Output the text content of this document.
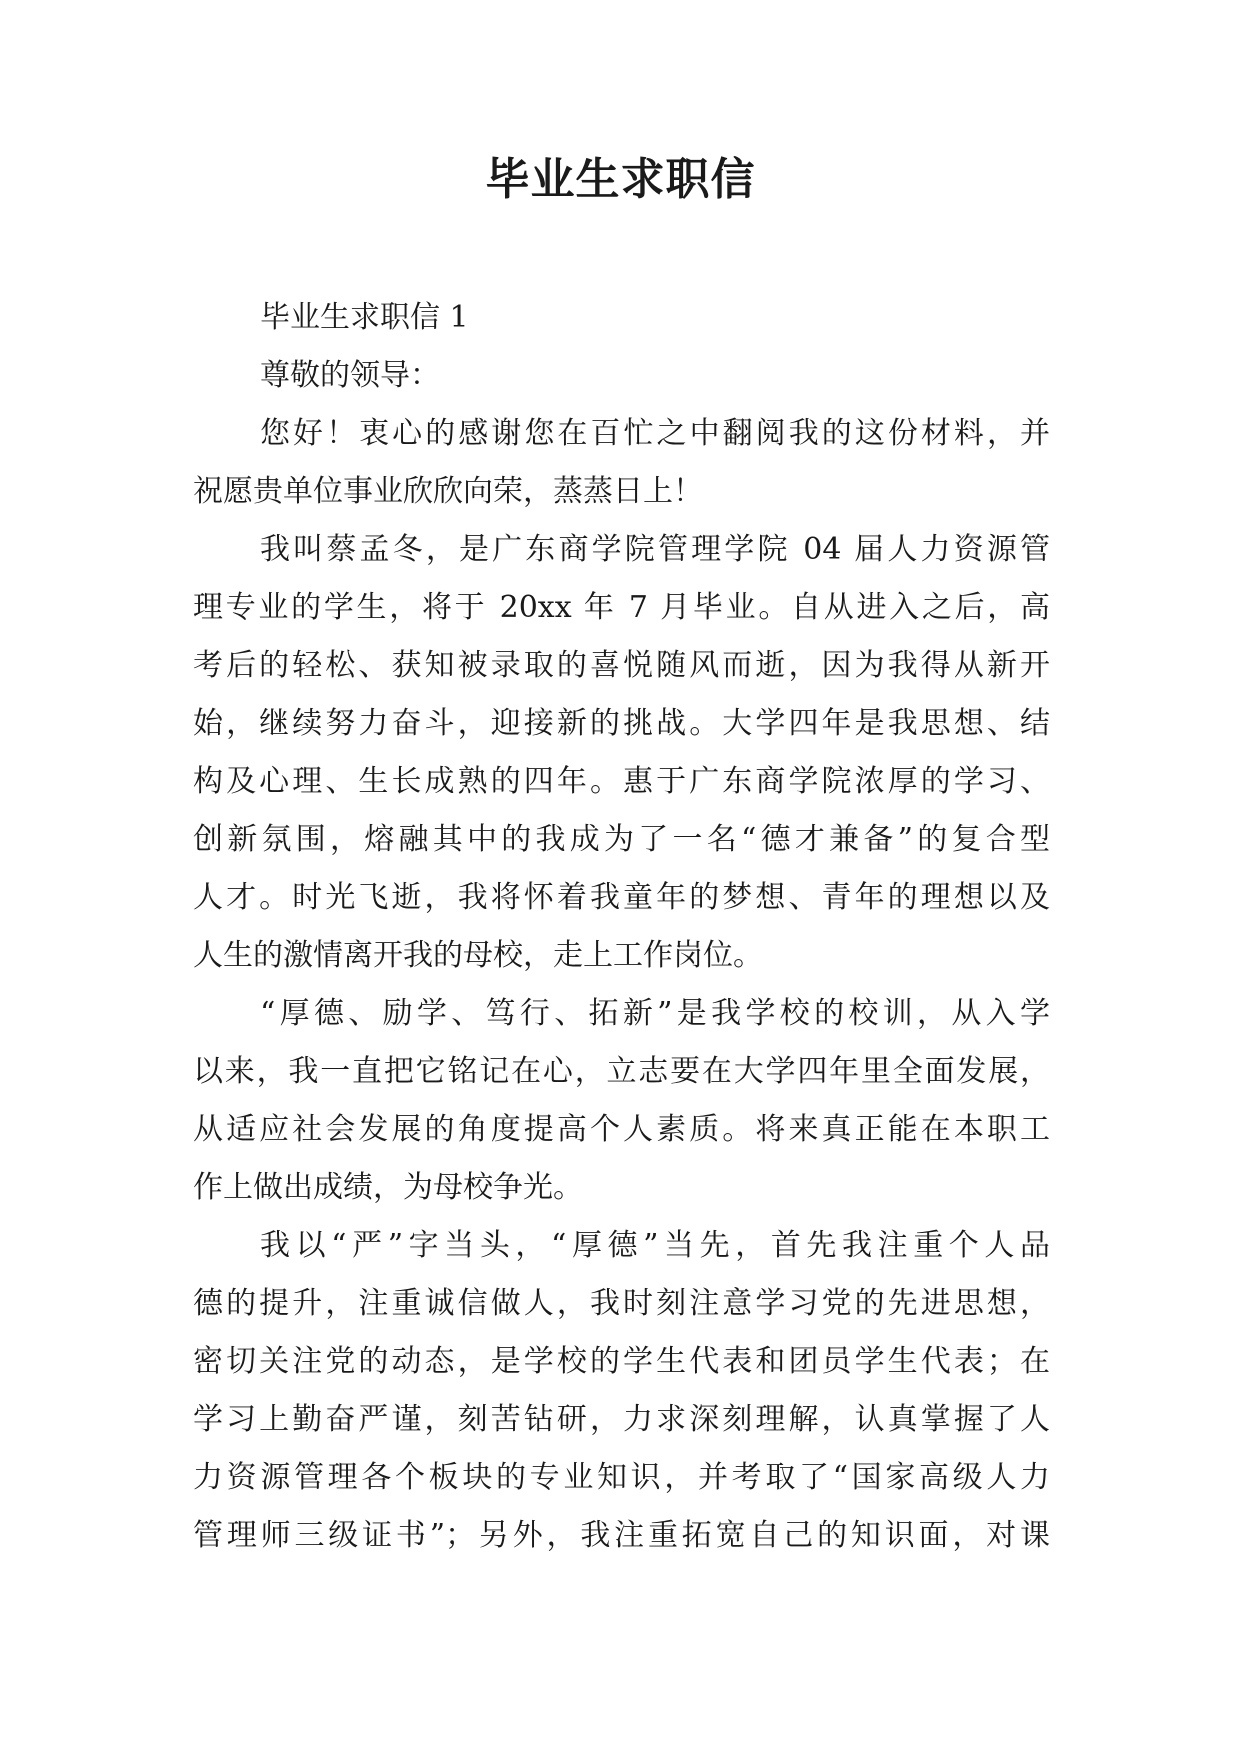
毕业生求职信
毕业生求职信 1
尊敬的领导：
您好！衷心的感谢您在百忙之中翻阅我的这份材料，并
祝愿贵单位事业欣欣向荣，蒸蒸日上！
我叫蔡孟冬，是广东商学院管理学院 04 届人力资源管
理专业的学生，将于 20xx 年 7 月毕业。自从进入之后，高
考后的轻松、获知被录取的喜悦随风而逝，因为我得从新开
始，继续努力奋斗，迎接新的挑战。大学四年是我思想、结
构及心理、生长成熟的四年。惠于广东商学院浓厚的学习、
创新氛围，熔融其中的我成为了一名“德才兼备”的复合型
人才。时光飞逝，我将怀着我童年的梦想、青年的理想以及
人生的激情离开我的母校，走上工作岗位。
“厚德、励学、笃行、拓新”是我学校的校训，从入学
以来，我一直把它铭记在心，立志要在大学四年里全面发展，
从适应社会发展的角度提高个人素质。将来真正能在本职工
作上做出成绩，为母校争光。
我以“严”字当头，“厚德”当先，首先我注重个人品
德的提升，注重诚信做人，我时刻注意学习党的先进思想，
密切关注党的动态，是学校的学生代表和团员学生代表；在
学习上勤奋严谨，刻苦钻研，力求深刻理解，认真掌握了人
力资源管理各个板块的专业知识，并考取了“国家高级人力
管理师三级证书”；另外，我注重拓宽自己的知识面，对课
